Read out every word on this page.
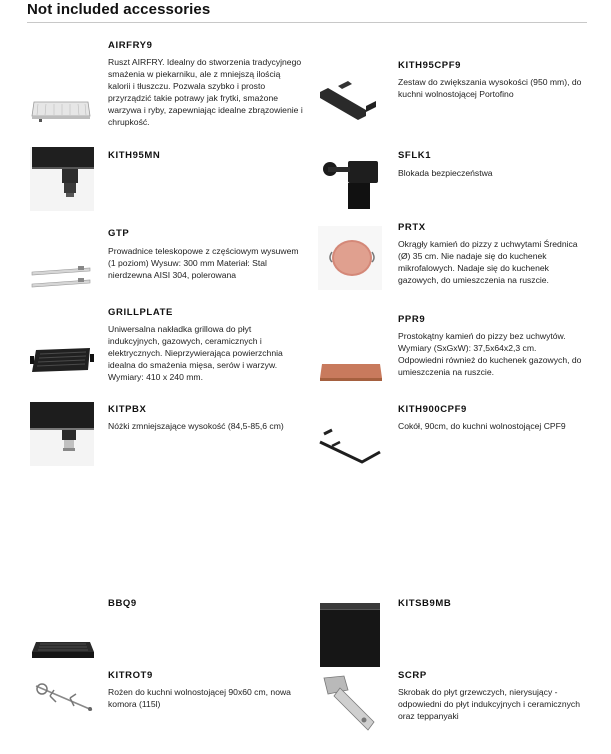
Not included accessories
AIRFRY9
Ruszt AIRFRY. Idealny do stworzenia tradycyjnego smażenia w piekarniku, ale z mniejszą ilością kalorii i tłuszczu. Pozwala szybko i prosto przyrządzić takie potrawy jak frytki, smażone warzywa i ryby, zapewniając idealne zbrązowienie i chrupkość.
KITH95CPF9
Zestaw do zwiększania wysokości (950 mm), do kuchni wolnostojącej Portofino
KITH95MN	SFLK1
Blokada bezpieczeństwa
GTP
Prowadnice teleskopowe z częściowym wysuwem (1 poziom) Wysuw: 300 mm Materiał: Stal nierdzewna AISI 304, polerowana
PRTX
Okrągły kamień do pizzy z uchwytami Średnica (Ø) 35 cm. Nie nadaje się do kuchenek mikrofalowych. Nadaje się do kuchenek gazowych, do umieszczenia na ruszcie.
GRILLPLATE
Uniwersalna nakładka grillowa do płyt indukcyjnych, gazowych, ceramicznych i elektrycznych. Nieprzywierająca powierzchnia idealna do smażenia mięsa, serów i warzyw. Wymiary: 410 x 240 mm.
PPR9
Prostokątny kamień do pizzy bez uchwytów. Wymiary (SxGxW): 37,5x64x2,3 cm. Odpowiedni również do kuchenek gazowych, do umieszczenia na ruszcie.
KITPBX
Nóżki zmniejszające wysokość (84,5-85,6 cm)
KITH900CPF9
Cokół, 90cm, do kuchni wolnostojącej CPF9
BBQ9	KITSB9MB
KITROT9
Rożen do kuchni wolnostojącej 90x60 cm, nowa komora (115l)
SCRP
Skrobak do płyt grzewczych, nierysujący - odpowiedni do płyt indukcyjnych i ceramicznych oraz teppanyaki
